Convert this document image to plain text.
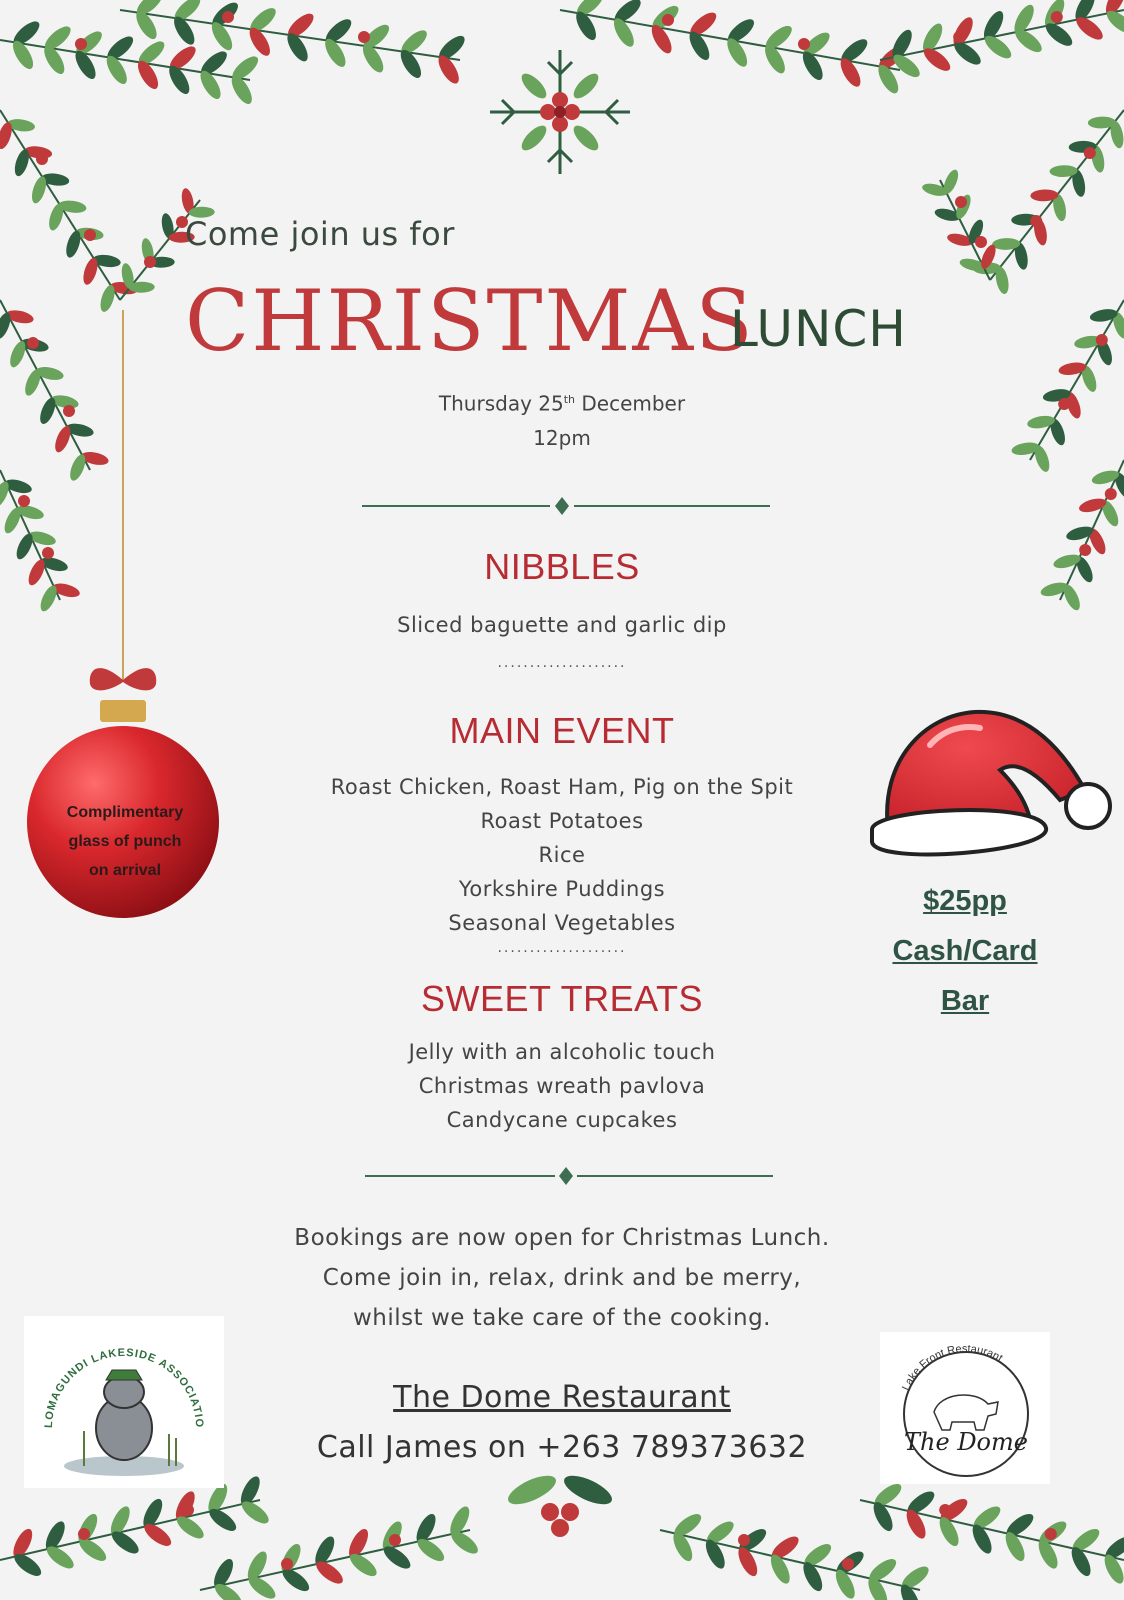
Come join us for
CHRISTMAS
LUNCH
Thursday 25th December
12pm
NIBBLES
Sliced baguette and garlic dip
....................
MAIN EVENT
Roast Chicken, Roast Ham, Pig on the Spit
Roast Potatoes
Rice
Yorkshire Puddings
Seasonal Vegetables
....................
SWEET TREATS
Jelly with an alcoholic touch
Christmas wreath pavlova
Candycane cupcakes
Complimentary
glass of punch
on arrival
$25pp
Cash/Card
Bar
Bookings are now open for Christmas Lunch.
Come join in, relax, drink and be merry,
whilst we take care of the cooking.
The Dome Restaurant
Call James on +263 789373632
LOMAGUNDI LAKESIDE ASSOCIATIO
Lake Front Restaurant
The Dome
